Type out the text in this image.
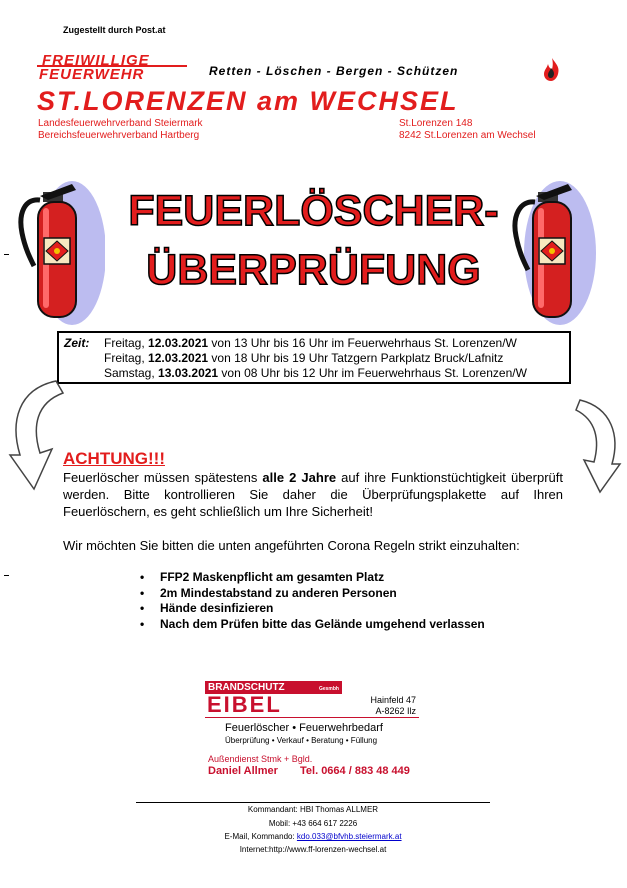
Zugestellt durch Post.at
FREIWILLIGE
FEUERWEHR	Retten - Löschen - Bergen - Schützen
ST.LORENZEN am WECHSEL
Landesfeuerwehrverband Steiermark
Bereichsfeuerwehrverband Hartberg
St.Lorenzen 148
8242 St.Lorenzen am Wechsel
FEUERLÖSCHER-
ÜBERPRÜFUNG
Zeit: Freitag, 12.03.2021 von 13 Uhr bis 16 Uhr im Feuerwehrhaus St. Lorenzen/W
Freitag, 12.03.2021 von 18 Uhr bis 19 Uhr Tatzgern Parkplatz Bruck/Lafnitz
Samstag, 13.03.2021 von 08 Uhr bis 12 Uhr im Feuerwehrhaus St. Lorenzen/W
ACHTUNG!!!
Feuerlöscher müssen spätestens alle 2 Jahre auf ihre Funktionstüchtigkeit überprüft werden. Bitte kontrollieren Sie daher die Überprüfungsplakette auf Ihren Feuerlöschern, es geht schließlich um Ihre Sicherheit!
Wir möchten Sie bitten die unten angeführten Corona Regeln strikt einzuhalten:
• FFP2 Maskenpflicht am gesamten Platz
• 2m Mindestabstand zu anderen Personen
• Hände desinfizieren
• Nach dem Prüfen bitte das Gelände umgehend verlassen
BRANDSCHUTZ	Gesmbh
EIBEL	Hainfeld 47
A-8262 Ilz
Feuerlöscher • Feuerwehrbedarf
Überprüfung • Verkauf • Beratung • Füllung
Außendienst Stmk + Bgld.
Daniel Allmer Tel. 0664 / 883 48 449
Kommandant: HBI Thomas ALLMER
Mobil: +43 664 617 2226
E-Mail, Kommando: kdo.033@bfvhb.steiermark.at
Internet:http://www.ff-lorenzen-wechsel.at
